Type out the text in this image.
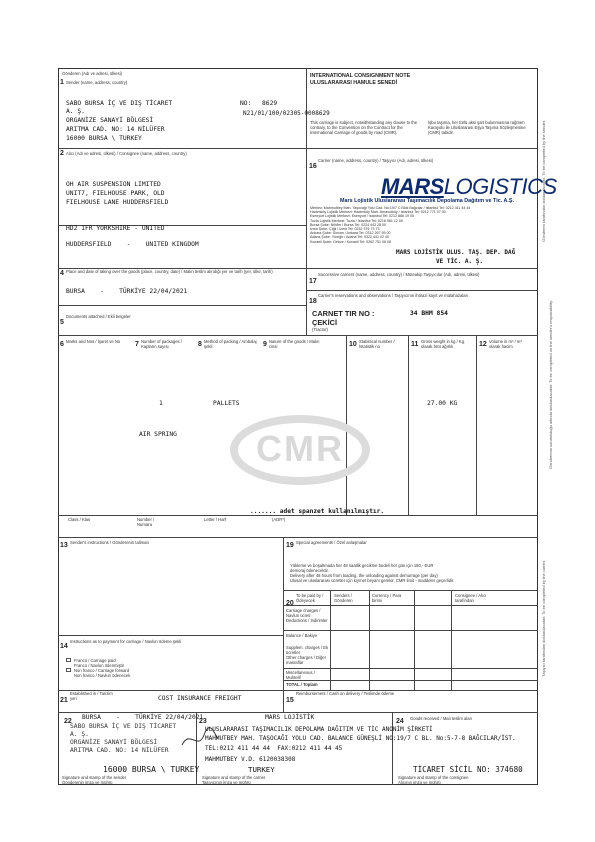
Gönderen (Adı ve adresi, ülkesi)
1 Sender (name, address, country)
SABO BURSA İÇ VE DIŞ TİCARET
A. Ş.
ORGANİZE SANAYİ BÖLGESİ
ARITMA CAD. NO: 14 NİLÜFER
16000 BURSA \ TURKEY
NO: 8629
N21/01/100/02305-0008629
INTERNATIONAL CONSIGNMENT NOTE
ULUSLARARASI HAMULE SENEDİ
This carriage is subject, notwithstanding any clause to the contrary, to the Convention on the Contract for the International Carriage of goods by road (CMR).
İşbu taşıma, her türlü aksi şart bulunmasına rağmen Karayolu ile Uluslararası Eşya Taşıma Sözleşmesine (CMR) tabidir.
2 Alıcı (Adı ve adresi, ülkesi) / Consignee (name, address, country)
OH AIR SUSPENSION LIMITED
UNIT7, FIELHOUSE PARK, OLD
FIELHOUSE LANE HUDDERSFIELD
HD2 1FR YORKSHIRE - UNITED
HUDDERSFIELD    -    UNITED KINGDOM
4 Place and date of taking over the goods (place, country, date) / Malın teslim alındığı yer ve tarih (yer, ülke, tarih)
BURSA    -    TÜRKİYE 22/04/2021
5
Documents attached / Ekli belgeler
16
Carrier (name, address, country) / Taşıyıcı (Adı, adresi, ülkesi)
MARSLOGISTICS
Mars Lojistik Uluslararası Taşımacılık Depolama Dağıtım ve Tic. A.Ş.
Merkez: Mahmutbey Mah. Taşocağı Yolu Cad. No:19/7 C Blok Bağcılar / İstanbul Tel: 0212 411 44 44
Hadımköy Lojistik Merkezi: Hadımköy Mah. Arnavutköy / İstanbul Tel: 0212 771 07 00
Esenyurt Lojistik Merkezi: Esenyurt / İstanbul Tel: 0212 886 19 00
Tuzla Lojistik Merkezi: Tuzla / İstanbul Tel: 0216 581 12 00
Bursa Şube: Nilüfer / Bursa Tel: 0224 443 28 00
İzmir Şube: Çiğli / İzmir Tel: 0232 376 73 73
Ankara Şube: Sincan / Ankara Tel: 0312 267 59 00
Adana Şube: Yüreğir / Adana Tel: 0322 441 02 40
Kocaeli Şube: Gebze / Kocaeli Tel: 0262 751 08 08
MARS LOJİSTİK ULUS. TAŞ. DEP. DAĞ
VE TİC. A. Ş.
17
Successive carriers (name, address, country) / Müteakip Taşıyıcılar (Adı, adresi, ülkesi)
18
Carrier's reservations and observations / Taşıyıcının ihtirazi kayıt ve mülahazaları
CARNET TIR NO :	34 BHM 854
ÇEKİCİ
(Tractor)
6 Marks and Nos / İşaret ve No 7 Number of packages / Kapların sayısı	8 Method of packing / Ambalaj şekli	9 Nature of the goods / Malın cinsi	10 Statistical number / İstatistik no	11 Gross weight in kg / Kg. olarak brüt ağırlık	12 Volume in m³ / m³ olarak hacim
1	PALLETS
AIR SPRING
27.00 KG
....... adet spanzet kullanılmıştır.
CMR
Class / Klas	Number / Numara
Letter / Harf	(ADR*)
13 Sender's instructions / Gönderenin talimatı	19 Special agreements / Özel anlaşmalar
Yükleme ve boşaltmada her 48 saatlik gecikme bedeli her gün için 150,- EUR
demoraj ödenecektir.
Delivery after 48 hours from loading, the unloading against demurrage (per day)
Ulusal ve uluslararası ücretler için kıymet beyanı gerekir. CMR limit - maddeler geçerlidir.
20
To be paid by / Ödeyecek
Senders / Gönderen
Currency / Para birimi
Consignee / Alıcı tarafından
Carriage charges / Navlun ücreti
Deductions / İndirimler
Balance / Bakiye
Supplem. charges / Ek ücretler
Other charges / Diğer masraflar
Miscellaneous / Muhtelif
TOTAL / Toplam
14
Instructions as to payment for carriage / Navlun ödeme şekli
Franco / Carriage paid
Franco / Navlun ödenmiştir
Non franco / Carriage forward
Non franco / Navlun ödenecek
21
Established in / Tanzim yeri	COST INSURANCE FREIGHT	15
Reimbursement / Cash on delivery / Teslimde ödeme
22
BURSA    -    TÜRKİYE 22/04/2021
SABO BURSA İÇ VE DIŞ TİCARET
A. Ş.
ORGANİZE SANAYİ BÖLGESİ
ARITMA CAD. NO: 14 NİLÜFER
16000 BURSA \ TURKEY
Signature and stamp of the sender
Gönderenin imza ve mührü
23
MARS LOJİSTİK
ULUSLARARASI TAŞIMACILIK DEPOLAMA DAĞITIM VE TİC ANONİM ŞİRKETİ
MAHMUTBEY MAH. TAŞOCAĞI YOLU CAD. BALANCE GÜNEŞLİ NO:19/7 C BL. No:5-7-8 BAĞCILAR/İST.
TEL:0212 411 44 44  FAX:0212 411 44 45
MAHMUTBEY V.D. 6120038308
Signature and stamp of the carrier
Taşıyıcının imza ve mührü
TURKEY
24 Goods received / Malı teslim alan
TİCARET SİCİL NO: 374680
Signature and stamp of the consignee
Alıcının imza ve mührü
Gönderen tarafından doldurulacaktır. To be completed by the sender.
Gönderenin sorumluluğu altında doldurulacaktır. To be completed on the sender's responsibility.
Taşıyıcı tarafından doldurulacaktır. To be completed by the carrier.
